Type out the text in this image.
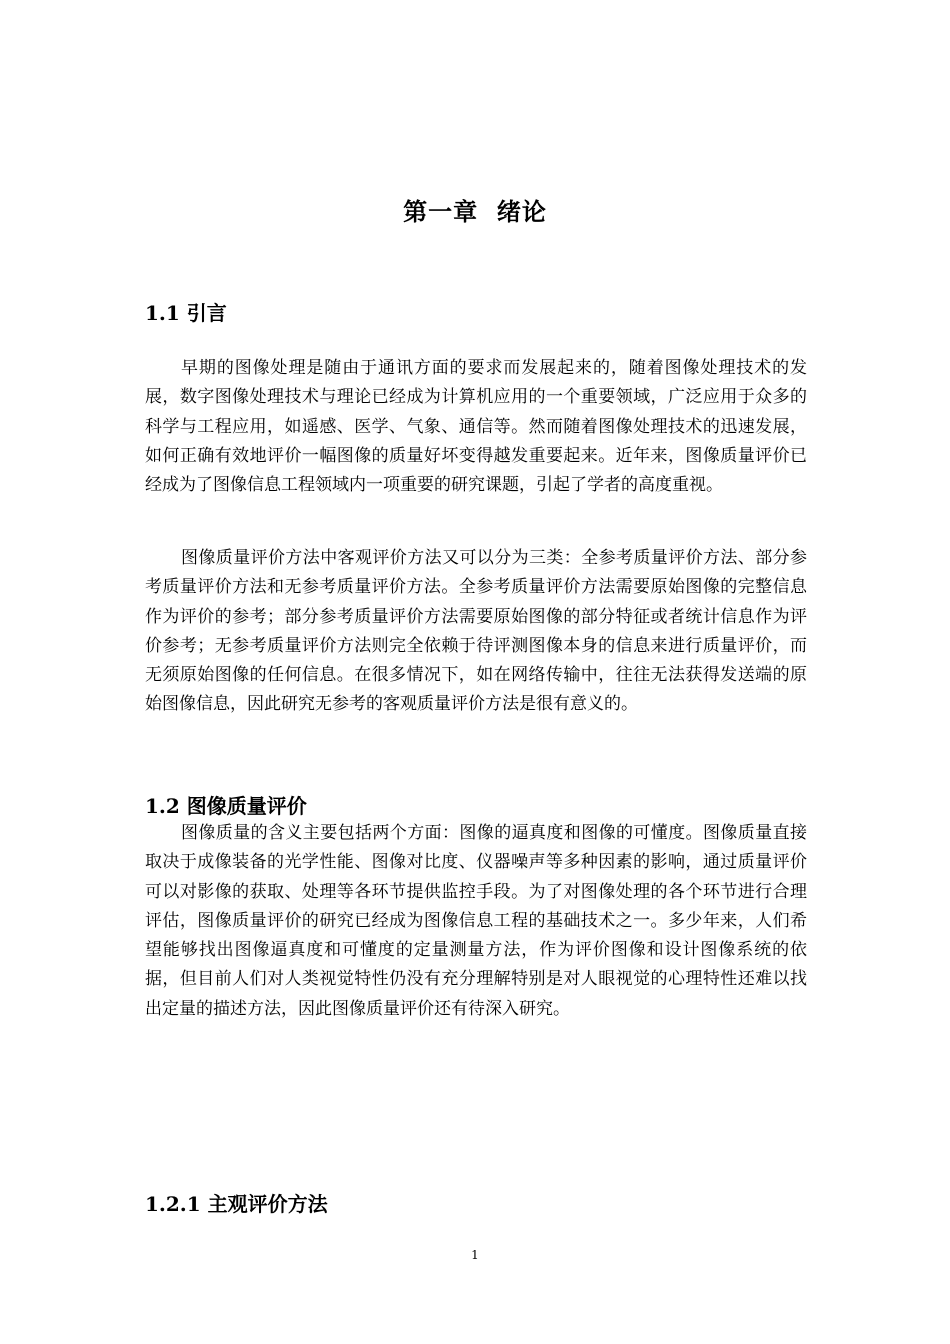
第一章  绪论
1.1 引言

早期的图像处理是随由于通讯方面的要求而发展起来的，随着图像处理技术的发展，数字图像处理技术与理论已经成为计算机应用的一个重要领域，广泛应用于众多的科学与工程应用，如遥感、医学、气象、通信等。然而随着图像处理技术的迅速发展，如何正确有效地评价一幅图像的质量好坏变得越发重要起来。近年来，图像质量评价已经成为了图像信息工程领域内一项重要的研究课题，引起了学者的高度重视。

图像质量评价方法中客观评价方法又可以分为三类：全参考质量评价方法、部分参考质量评价方法和无参考质量评价方法。全参考质量评价方法需要原始图像的完整信息作为评价的参考；部分参考质量评价方法需要原始图像的部分特征或者统计信息作为评价参考；无参考质量评价方法则完全依赖于待评测图像本身的信息来进行质量评价，而无须原始图像的任何信息。在很多情况下，如在网络传输中，往往无法获得发送端的原始图像信息，因此研究无参考的客观质量评价方法是很有意义的。

1.2 图像质量评价

图像质量的含义主要包括两个方面：图像的逼真度和图像的可懂度。图像质量直接取决于成像装备的光学性能、图像对比度、仪器噪声等多种因素的影响，通过质量评价可以对影像的获取、处理等各环节提供监控手段。为了对图像处理的各个环节进行合理评估，图像质量评价的研究已经成为图像信息工程的基础技术之一。多少年来，人们希望能够找出图像逼真度和可懂度的定量测量方法，作为评价图像和设计图像系统的依据，但目前人们对人类视觉特性仍没有充分理解特别是对人眼视觉的心理特性还难以找出定量的描述方法，因此图像质量评价还有待深入研究。

1.2.1 主观评价方法
1
